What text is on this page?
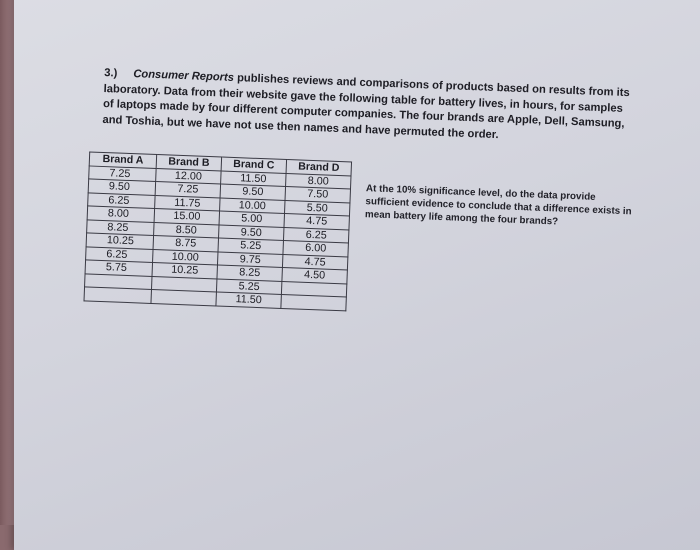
3.) Consumer Reports publishes reviews and comparisons of products based on results from its laboratory. Data from their website gave the following table for battery lives, in hours, for samples of laptops made by four different computer companies. The four brands are Apple, Dell, Samsung, and Toshia, but we have not use then names and have permuted the order.
Brand A	Brand B	Brand C	Brand D
7.25	12.00	11.50	8.00
9.50	7.25	9.50	7.50
6.25	11.75	10.00	5.50
8.00	15.00	5.00	4.75
8.25	8.50	9.50	6.25
10.25	8.75	5.25	6.00
6.25	10.00	9.75	4.75
5.75	10.25	8.25	4.50
		5.25	
		11.50	
At the 10% significance level, do the data provide sufficient evidence to conclude that a difference exists in mean battery life among the four brands?
